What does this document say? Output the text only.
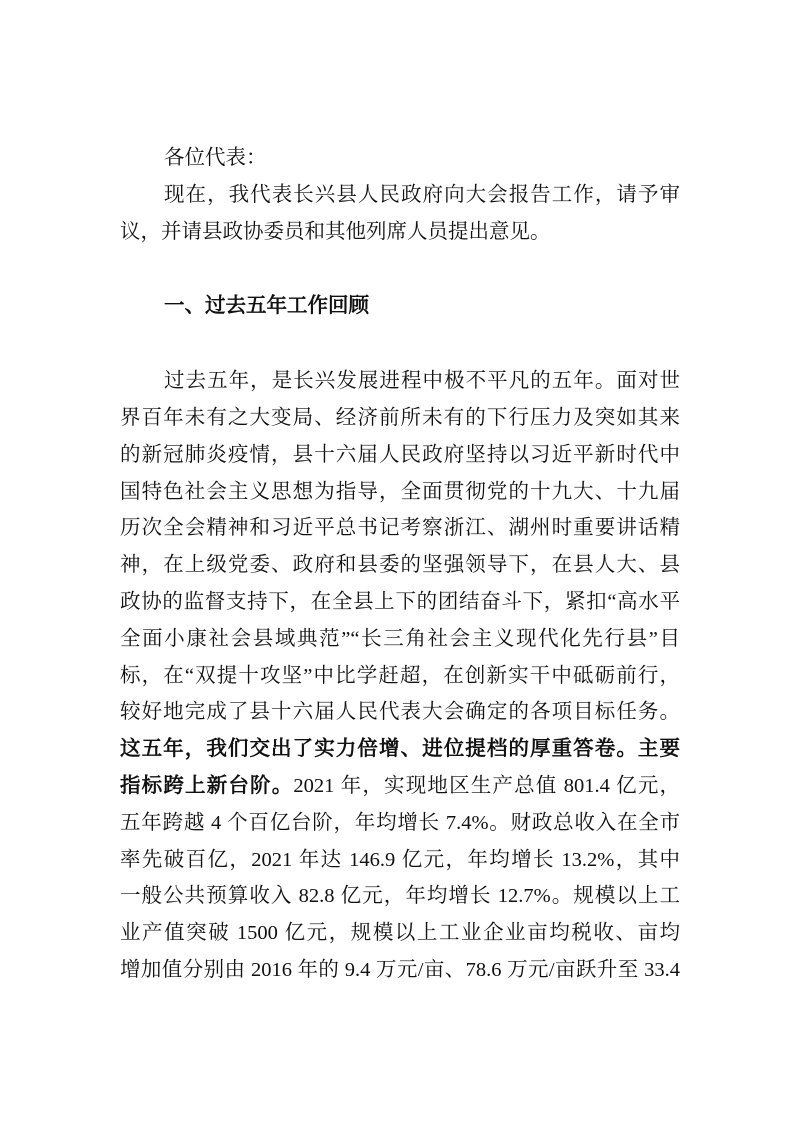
各位代表：
现在，我代表长兴县人民政府向大会报告工作，请予审
议，并请县政协委员和其他列席人员提出意见。
一、过去五年工作回顾
过去五年，是长兴发展进程中极不平凡的五年。面对世
界百年未有之大变局、经济前所未有的下行压力及突如其来
的新冠肺炎疫情，县十六届人民政府坚持以习近平新时代中
国特色社会主义思想为指导，全面贯彻党的十九大、十九届
历次全会精神和习近平总书记考察浙江、湖州时重要讲话精
神，在上级党委、政府和县委的坚强领导下，在县人大、县
政协的监督支持下，在全县上下的团结奋斗下，紧扣“高水平
全面小康社会县域典范”“长三角社会主义现代化先行县”目
标，在“双提十攻坚”中比学赶超，在创新实干中砥砺前行，
较好地完成了县十六届人民代表大会确定的各项目标任务。
这五年，我们交出了实力倍增、进位提档的厚重答卷。主要
指标跨上新台阶。2021 年，实现地区生产总值 801.4 亿元，
五年跨越 4 个百亿台阶，年均增长 7.4%。财政总收入在全市
率先破百亿，2021 年达 146.9 亿元，年均增长 13.2%，其中
一般公共预算收入 82.8 亿元，年均增长 12.7%。规模以上工
业产值突破 1500 亿元，规模以上工业企业亩均税收、亩均
增加值分别由 2016 年的 9.4 万元/亩、78.6 万元/亩跃升至 33.4
